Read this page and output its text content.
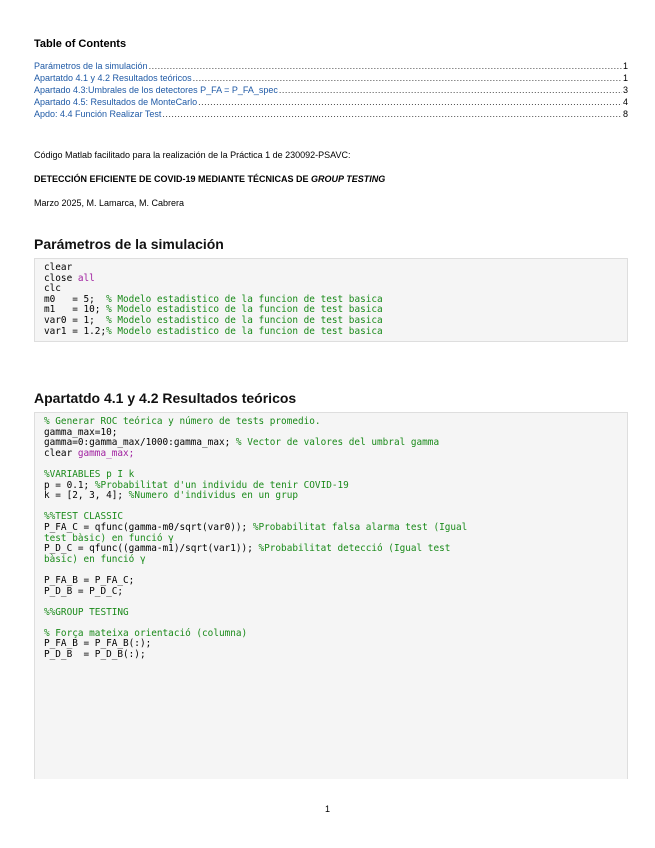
Table of Contents
Parámetros de la simulación .....	1
Apartatdo 4.1 y 4.2 Resultados teóricos .....	1
Apartado 4.3:Umbrales de los detectores P_FA = P_FA_spec .....	3
Apartado 4.5: Resultados de MonteCarlo .....	4
Apdo: 4.4 Función Realizar Test .....	8
Código Matlab facilitado para la realización de la Práctica 1 de 230092-PSAVC:
DETECCIÓN EFICIENTE DE COVID-19 MEDIANTE TÉCNICAS DE GROUP TESTING
Marzo 2025, M. Lamarca, M. Cabrera
Parámetros de la simulación
clear
close all
clc
m0   = 5;  % Modelo estadistico de la funcion de test basica
m1   = 10; % Modelo estadistico de la funcion de test basica
var0 = 1;  % Modelo estadistico de la funcion de test basica
var1 = 1.2;% Modelo estadistico de la funcion de test basica
Apartatdo 4.1 y 4.2 Resultados teóricos
% Generar ROC teórica y número de tests promedio.
gamma_max=10;
gamma=0:gamma_max/1000:gamma_max; % Vector de valores del umbral gamma
clear gamma_max;

%VARIABLES p I k
p = 0.1; %Probabilitat d'un individu de tenir COVID-19
k = [2, 3, 4]; %Numero d'individus en un grup

%%TEST CLASSIC
P_FA_C = qfunc(gamma-m0/sqrt(var0)); %Probabilitat falsa alarma test (Igual
test bàsic) en funció γ
P_D_C = qfunc((gamma-m1)/sqrt(var1)); %Probabilitat detecció (Igual test
bàsic) en funció γ

P_FA_B = P_FA_C;
P_D_B = P_D_C;

%%GROUP TESTING

% Força mateixa orientació (columna)
P_FA_B = P_FA_B(:);
P_D_B  = P_D_B(:);

1
